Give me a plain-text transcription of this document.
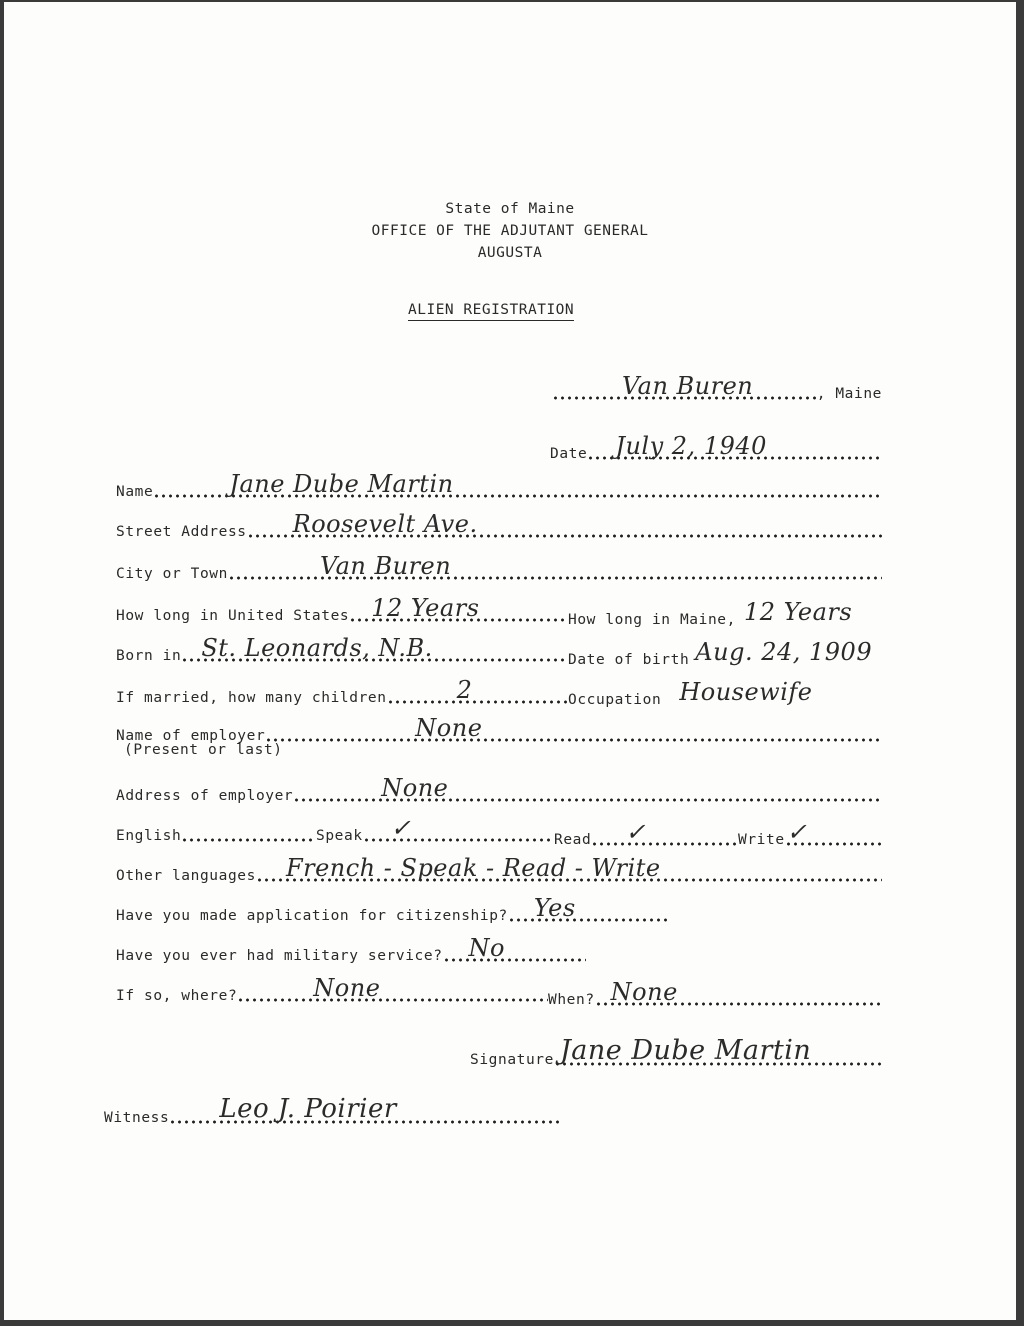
State of Maine
OFFICE OF THE ADJUTANT GENERAL
AUGUSTA
ALIEN REGISTRATION
Van Buren	, Maine
Date July 2, 1940
Name	Jane Dube Martin
Street Address Roosevelt Ave.
City or Town	Van Buren
How long in United States 12 Years	How long in Maine, 12 Years
Born in St. Leonards, N.B.	Date of birth Aug. 24, 1909
If married, how many children	2	Occupation Housewife
Name of employer	None
(Present or last)
Address of employer	None
English	Speak ✓	Read ✓	Write ✓
Other languages French - Speak - Read - Write
Have you made application for citizenship? Yes
Have you ever had military service? No
If so, where?	None	When? None
Signature Jane Dube Martin
Witness Leo J. Poirier
